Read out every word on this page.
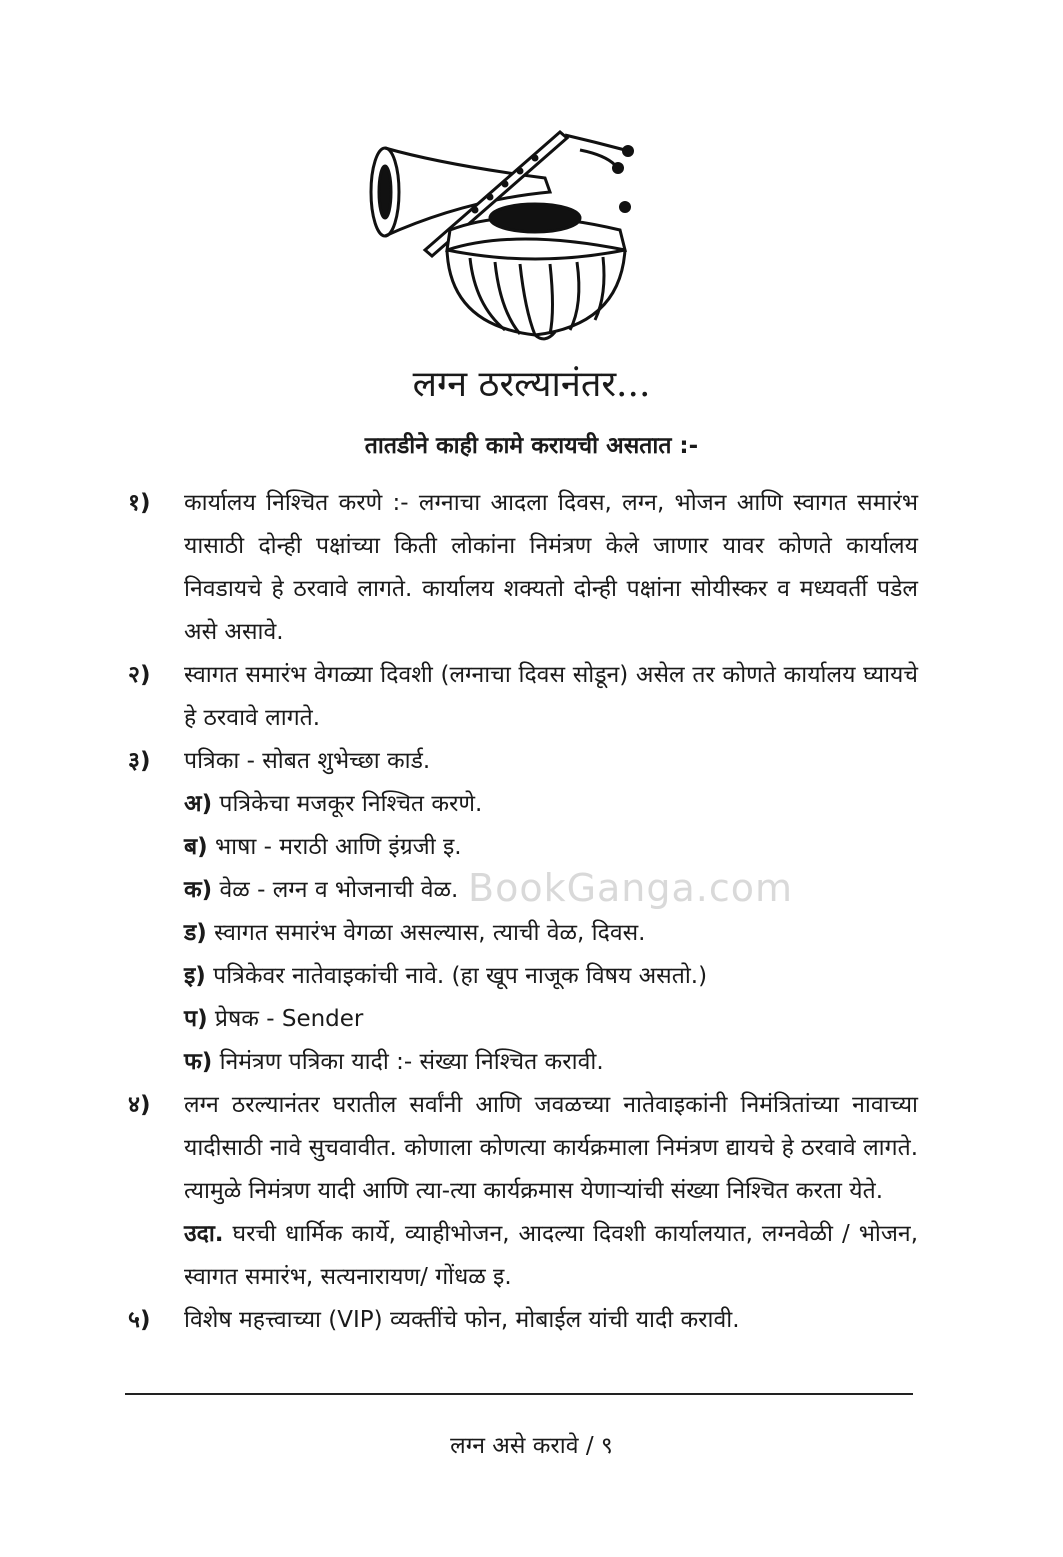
लग्न ठरल्यानंतर...
तातडीने काही कामे करायची असतात :-
BookGanga.com
१) कार्यालय निश्चित करणे :- लग्नाचा आदला दिवस, लग्न, भोजन आणि स्वागत समारंभ यासाठी दोन्ही पक्षांच्या किती लोकांना निमंत्रण केले जाणार यावर कोणते कार्यालय निवडायचे हे ठरवावे लागते. कार्यालय शक्यतो दोन्ही पक्षांना सोयीस्कर व मध्यवर्ती पडेल असे असावे.

२) स्वागत समारंभ वेगळ्या दिवशी (लग्नाचा दिवस सोडून) असेल तर कोणते कार्यालय घ्यायचे हे ठरवावे लागते.

३) पत्रिका - सोबत शुभेच्छा कार्ड.

अ) पत्रिकेचा मजकूर निश्चित करणे.
ब) भाषा - मराठी आणि इंग्रजी इ.
क) वेळ - लग्न व भोजनाची वेळ.
ड) स्वागत समारंभ वेगळा असल्यास, त्याची वेळ, दिवस.
इ) पत्रिकेवर नातेवाइकांची नावे. (हा खूप नाजूक विषय असतो.)
प) प्रेषक - Sender
फ) निमंत्रण पत्रिका यादी :- संख्या निश्चित करावी.
४) लग्न ठरल्यानंतर घरातील सर्वांनी आणि जवळच्या नातेवाइकांनी निमंत्रितांच्या नावाच्या यादीसाठी नावे सुचवावीत. कोणाला कोणत्या कार्यक्रमाला निमंत्रण द्यायचे हे ठरवावे लागते. त्यामुळे निमंत्रण यादी आणि त्या-त्या कार्यक्रमास येणाऱ्यांची संख्या निश्चित करता येते.

उदा. घरची धार्मिक कार्ये, व्याहीभोजन, आदल्या दिवशी कार्यालयात, लग्नवेळी / भोजन, स्वागत समारंभ, सत्यनारायण/ गोंधळ इ.

५) विशेष महत्त्वाच्या (VIP) व्यक्तींचे फोन, मोबाईल यांची यादी करावी.

लग्न असे करावे / ९
